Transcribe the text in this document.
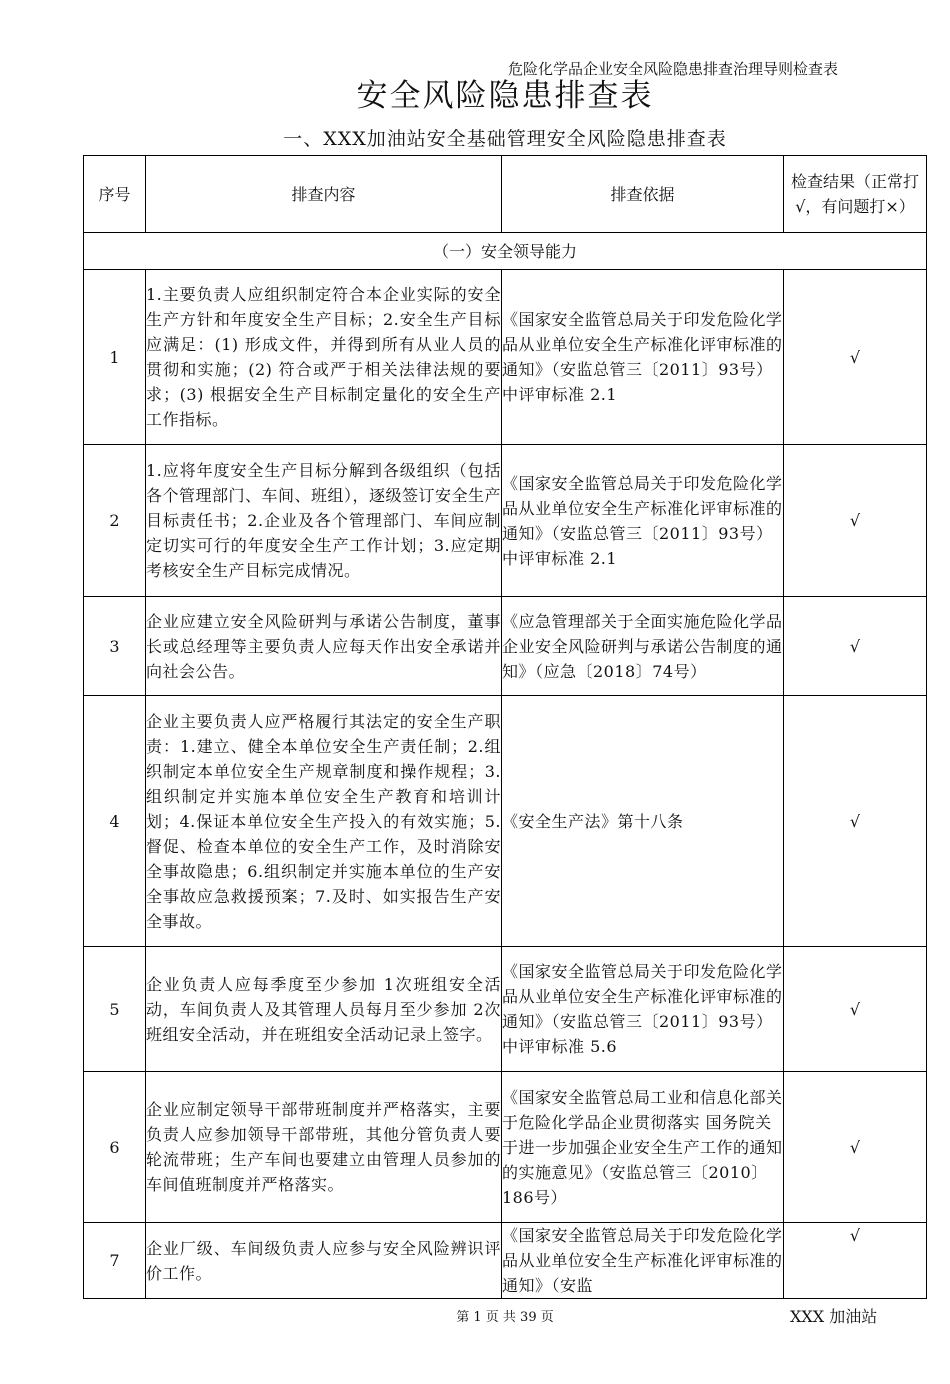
危险化学品企业安全风险隐患排查治理导则检查表
安全风险隐患排查表
一、XXX加油站安全基础管理安全风险隐患排查表
序号	排查内容	排查依据	检查结果（正常打√，有问题打×）
（一）安全领导能力			
1	1.主要负责人应组织制定符合本企业实际的安全生产方针和年度安全生产目标；2.安全生产目标应满足：(1) 形成文件，并得到所有从业人员的贯彻和实施；(2) 符合或严于相关法律法规的要求；(3) 根据安全生产目标制定量化的安全生产工作指标。	《国家安全监管总局关于印发危险化学品从业单位安全生产标准化评审标准的通知》（安监总管三〔2011〕93号）中评审标准 2.1	√
2	1.应将年度安全生产目标分解到各级组织（包括各个管理部门、车间、班组），逐级签订安全生产目标责任书；2.企业及各个管理部门、车间应制定切实可行的年度安全生产工作计划；3.应定期考核安全生产目标完成情况。	《国家安全监管总局关于印发危险化学品从业单位安全生产标准化评审标准的通知》（安监总管三〔2011〕93号）中评审标准 2.1	√
3	企业应建立安全风险研判与承诺公告制度，董事长或总经理等主要负责人应每天作出安全承诺并向社会公告。	《应急管理部关于全面实施危险化学品企业安全风险研判与承诺公告制度的通知》（应急〔2018〕74号）	√
4	企业主要负责人应严格履行其法定的安全生产职责：1.建立、健全本单位安全生产责任制；2.组织制定本单位安全生产规章制度和操作规程；3.组织制定并实施本单位安全生产教育和培训计划；4.保证本单位安全生产投入的有效实施；5.督促、检查本单位的安全生产工作，及时消除安全事故隐患；6.组织制定并实施本单位的生产安全事故应急救援预案；7.及时、如实报告生产安全事故。	《安全生产法》第十八条	√
5	企业负责人应每季度至少参加 1次班组安全活动，车间负责人及其管理人员每月至少参加 2次班组安全活动，并在班组安全活动记录上签字。	《国家安全监管总局关于印发危险化学品从业单位安全生产标准化评审标准的通知》（安监总管三〔2011〕93号）中评审标准 5.6	√
6	企业应制定领导干部带班制度并严格落实，主要负责人应参加领导干部带班，其他分管负责人要轮流带班；生产车间也要建立由管理人员参加的车间值班制度并严格落实。	《国家安全监管总局工业和信息化部关于危险化学品企业贯彻落实 国务院关于进一步加强企业安全生产工作的通知 的实施意见》（安监总管三〔2010〕186号）	√
7	企业厂级、车间级负责人应参与安全风险辨识评价工作。	《国家安全监管总局关于印发危险化学品从业单位安全生产标准化评审标准的通知》（安监	√
第 1 页 共 39 页	XXX 加油站
